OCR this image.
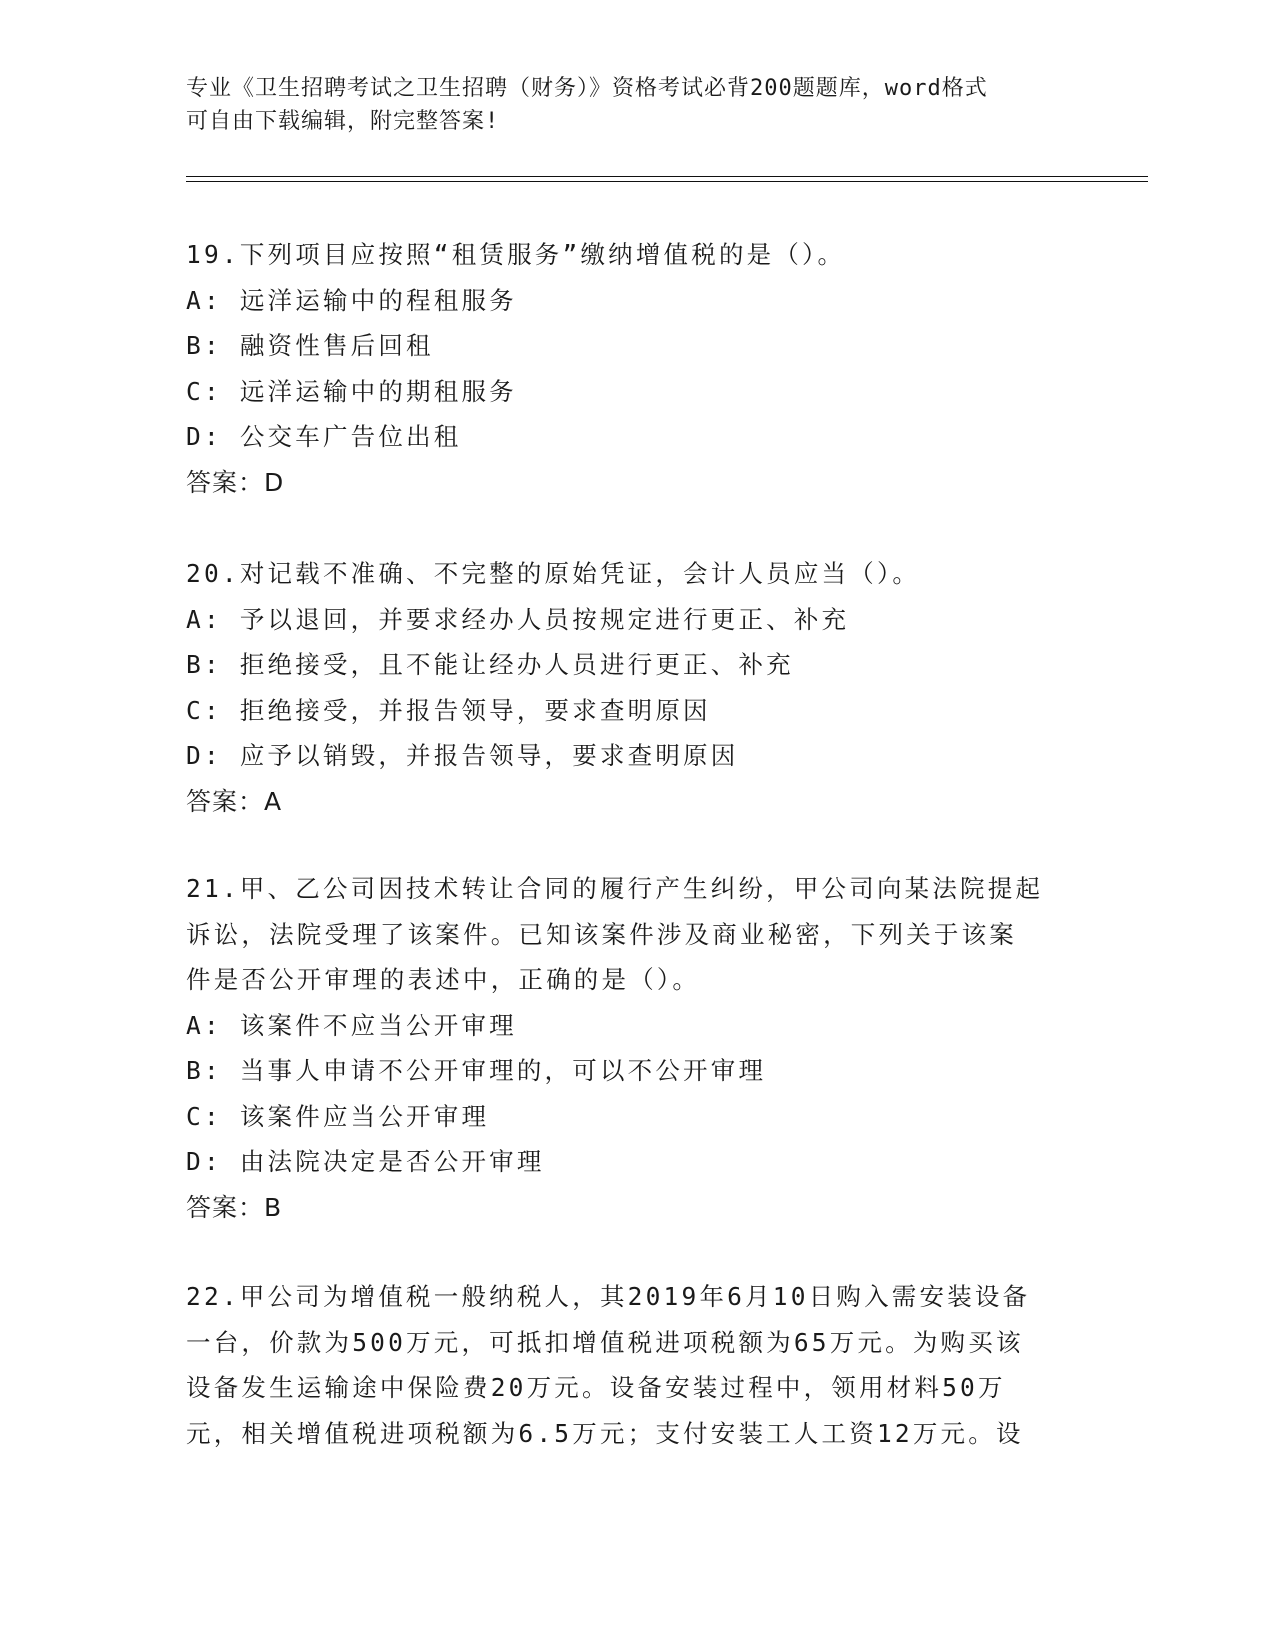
专业《卫生招聘考试之卫生招聘（财务）》资格考试必背200题题库，word格式
可自由下载编辑，附完整答案!
19.下列项目应按照“租赁服务”缴纳增值税的是（）。
A: 远洋运输中的程租服务
B: 融资性售后回租
C: 远洋运输中的期租服务
D: 公交车广告位出租
答案：D
20.对记载不准确、不完整的原始凭证，会计人员应当（）。
A: 予以退回，并要求经办人员按规定进行更正、补充
B: 拒绝接受，且不能让经办人员进行更正、补充
C: 拒绝接受，并报告领导，要求查明原因
D: 应予以销毁，并报告领导，要求查明原因
答案：A
21.甲、乙公司因技术转让合同的履行产生纠纷，甲公司向某法院提起
诉讼，法院受理了该案件。已知该案件涉及商业秘密，下列关于该案
件是否公开审理的表述中，正确的是（）。
A: 该案件不应当公开审理
B: 当事人申请不公开审理的，可以不公开审理
C: 该案件应当公开审理
D: 由法院决定是否公开审理
答案：B
22.甲公司为增值税一般纳税人，其2019年6月10日购入需安装设备
一台，价款为500万元，可抵扣增值税进项税额为65万元。为购买该
设备发生运输途中保险费20万元。设备安装过程中，领用材料50万
元，相关增值税进项税额为6.5万元；支付安装工人工资12万元。设
